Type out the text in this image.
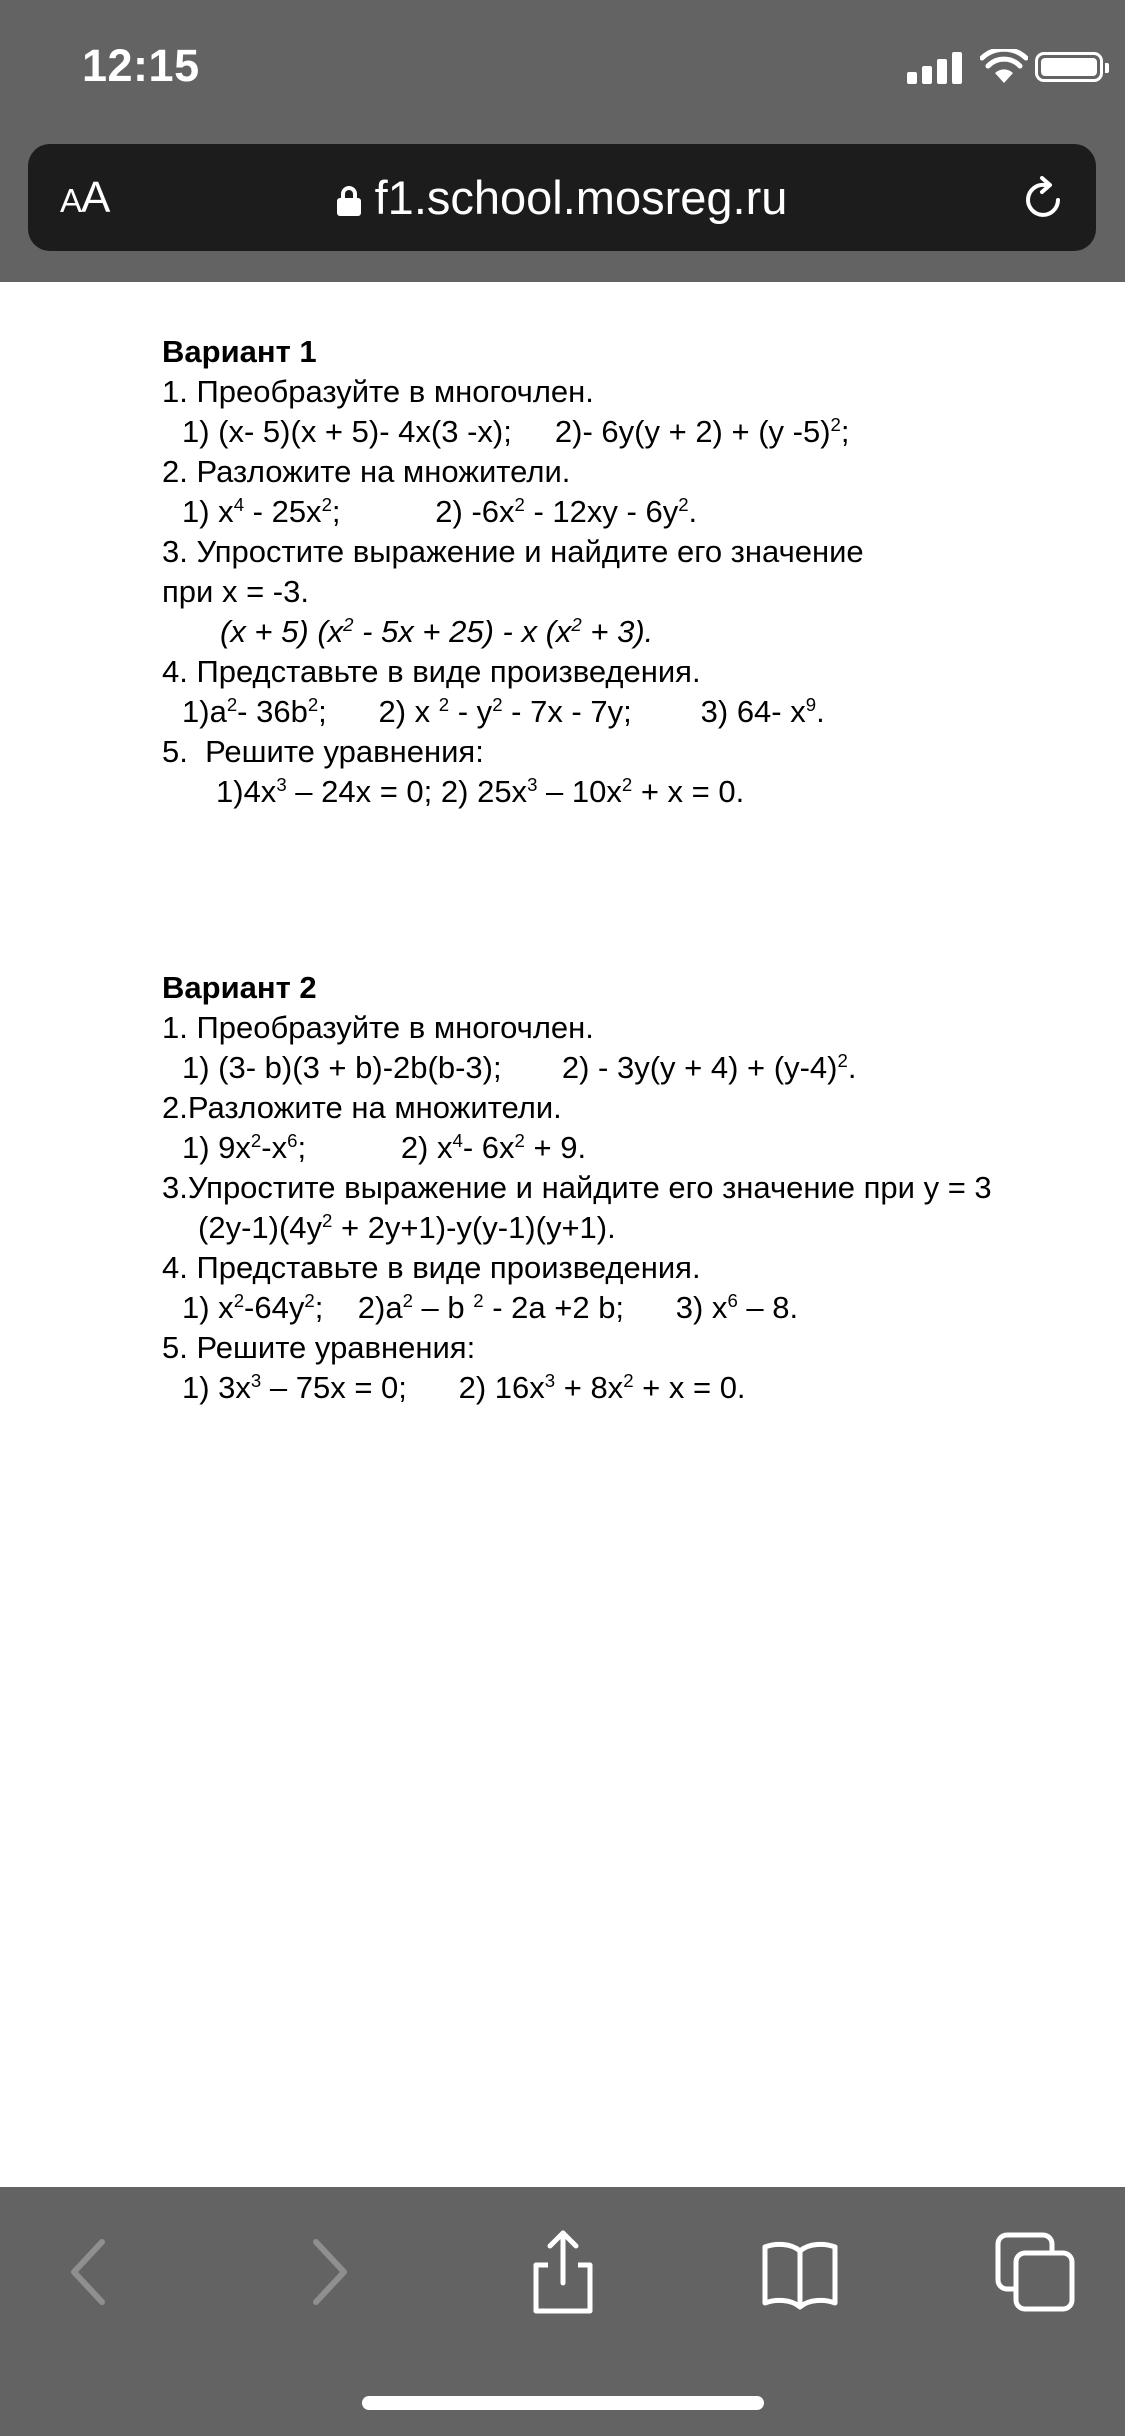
12:15
AA	f1.school.mosreg.ru
Вариант 1
1. Преобразуйте в многочлен.
1) (x- 5)(x + 5)- 4x(3 -x); 2)- 6y(y + 2) + (y -5)$^2$;
2. Разложите на множители.
1) $x^4 - 25x^2$;	2) $-6x^2 - 12xy - 6y^2$.
3. Упростите выражение и найдите его значение
при x = -3.
(x + 5) $(x^2 - 5x + 25) - x$ $(x^2 + 3)$.
4. Представьте в виде произведения.
$1)a^2-$ $36b^2$; 2) x $^2 - y^2 - 7x - 7y$; 3) 64- $x^9$.
5.  Решите уравнения:
$1)4x^3 - 24x = 0$; 2) $25x^3 - 10x^2 + x = 0$.
Вариант 2
1. Преобразуйте в многочлен.
1) (3- b)(3 + b)-2b(b-3); $2) - 3y(y + 4) + (y-4)^2$.
2.Разложите на множители.
1) $9x^2-x^6$;	2) $x^4-$ $6x^2 + 9$.
3.Упростите выражение и найдите его значение при y = 3
$(2y-1)(4y^2 + 2y+1)-y(y-1)(y+1)$.
4. Представьте в виде произведения.
1) $x^2-64y^2$; $2)a^2$ – b $^2$ - 2a +2 b; 3) $x^6 - 8$.
5. Решите уравнения:
1) $3x^3 - 75x = 0$; 2) $16x^3 + 8x^2 + x = 0$.
